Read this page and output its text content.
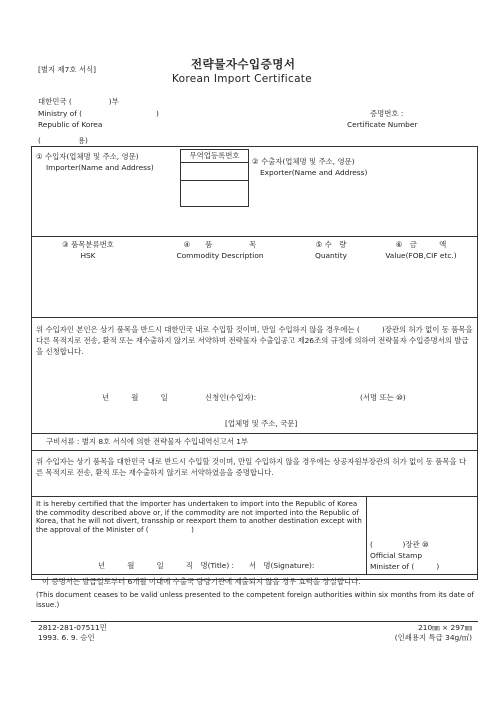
[별지 제7호 서식]	전략물자수입증명서
Korean Import Certificate
대한민국 (　　　　　)부
Ministry of (　　　　　　　　　　)
Republic of Korea
증명번호 :
Certificate Number
(　　　　　용)
① 수입자(업체명 및 주소, 영문)
Importer(Name and Address)
무역업등록번호
② 수출자(업체명 및 주소, 영문)
Exporter(Name and Address)
③ 품목분류번호
HSK
④　　품　　　　　목
Commodity Description
⑤ 수　량
Quantity
⑥　금　　　액
Value(FOB,CIF etc.)
위 수입자인 본인은 상기 품목을 반드시 대한민국 내로 수입할 것이며, 만일 수입하지 않을 경우에는 (　　　)장관의 허가 없이 동 품목을 다른 목적지로 전송, 환적 또는 재수출하지 않기로 서약하며 전략물자 수출입공고 제26조의 규정에 의하여 전략물자 수입증명서의 발급을 신청합니다.
년　　　월　　　일	신청인(수입자):	(서명 또는 ⑩)
[업체명 및 주소, 국문]
구비서류 : 별지 8호 서식에 의한 전략물자 수입내역신고서 1부
위 수입자는 상기 품목을 대한민국 내로 반드시 수입할 것이며, 만일 수입하지 않을 경우에는 상공자원부장관의 허가 없이 동 품목을 다른 목적지로 전송, 환적 또는 재수출하지 않기로 서약하였음을 증명합니다.
It is hereby certified that the importer has undertaken to import into the Republic of Korea the commodity described above or, if the commodity are not imported into the Republic of Korea, that he will not divert, transship or reexport them to another destination except with the approval of the Minister of (　　　　　　)
년　　　월　　　일　　　직　명(Title) :　　서　명(Signature):
(　　　　)장관 ⑩
Official Stamp
Minister of (　　　)
이 증명서는 발급일로부터 6개월 이내에 수출국 담당기관에 제출되지 않을 경우 효력을 상실합니다.
(This document ceases to be valid unless presented to the competent foreign authorities within six months from its date of issue.)
2812-281-07511민
1993. 6. 9. 승인
210㎜ × 297㎜
(인쇄용지 특급 34g/㎡)
